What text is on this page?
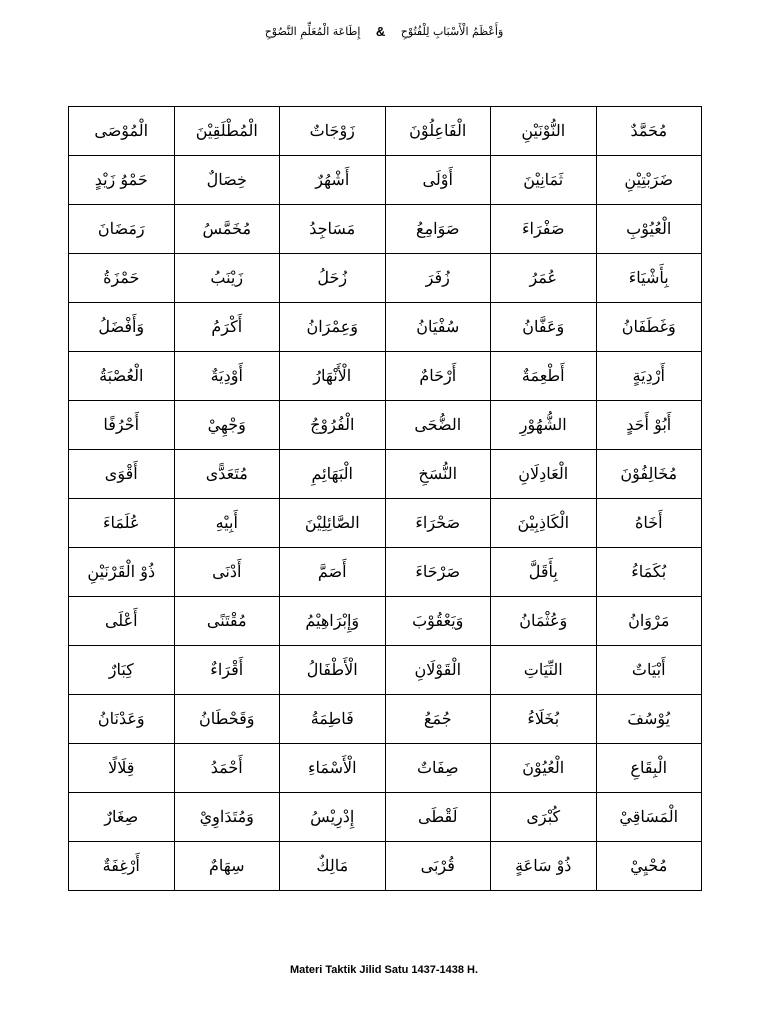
إِطَاعَة الْمُعَلِّمِ النَّصُوْحِ & وَأَعْظَمُ الْأَسْبَابِ لِلْفُتُوْحِ
الْمُوْصَى	الْمُطْلَقِيْنَ	زَوْجَاتٌ	الْفَاعِلُوْنَ	النُّوْنَيْنِ	مُحَمَّدٌ
حَمْوُ زَيْدٍ	خِصَالٌ	أَشْهُرٌ	أَوْلَى	ثَمَانِيْنَ	ضَرَبْتِيْنِ
رَمَضَانَ	مُخَمَّسُ	مَسَاجِدُ	صَوَامِعُ	صَفْرَاءَ	الْعُيُوْبِ
حَمْزَةُ	زَيْنَبُ	زُحَلُ	زُفَرَ	عُمَرُ	بِأَشْيَاءَ
وَأَفْضَلُ	أَكْرَمُ	وَعِمْرَانُ	سُفْيَانُ	وَعَفَّانُ	وَغَطَفَانُ
الْعُصْبَةُ	أَوْدِيَةٌ	الْأَنْهَارُ	أَرْحَامٌ	أَطْعِمَةٌ	أَرْدِيَةٍ
أَحْرُفًا	وَجْهِيْ	الْفُرُوْجُ	الضُّحَى	الشُّهُوْرِ	أَبُوْ أَحَدٍ
أَقْوَى	مُتَعَدًّى	الْبَهَائِمِ	النُّسَخِ	الْعَادِلَانِ	مُخَالِفُوْنَ
عُلَمَاءَ	أَبِيْهِ	الصَّائِلِيْنَ	صَحْرَاءَ	الْكَاذِبِيْنَ	أَخَاهُ
ذُوْ الْقَرْنَيْنِ	أَدْنَى	أَصَمَّ	صَرْحَاءَ	بِأَقَلَّ	بُكَمَاءُ
أَعْلَى	مُقْتَنًى	وَإِبْرَاهِيْمُ	وَيَعْقُوْبَ	وَعُثْمَانُ	مَرْوَانُ
كِبَارٌ	أَقْرَاءٌ	الْأَطْفَالُ	الْقَوْلَانِ	النِّيَاتِ	أَبْيَاتٌ
وَعَدْنَانُ	وَقَحْطَانُ	فَاطِمَةُ	جُمَعُ	بُخَلَاءُ	يُوْسُفَ
قِلَالًا	أَحْمَدُ	الْأَسْمَاءِ	صِفَاتٌ	الْعُيُوْنَ	الْبِقَاعِ
صِغَارٌ	وَمُتَدَاوِيْ	إِدْرِيْسُ	لَقْطَى	كُبْرَى	الْمَسَاقِيْ
أَرْغِفَةٌ	سِهَامٌ	مَالِكٌ	قُرْبَى	ذُوْ سَاعَةٍ	مُحْيِيْ
Materi Taktik Jilid Satu 1437-1438 H.
